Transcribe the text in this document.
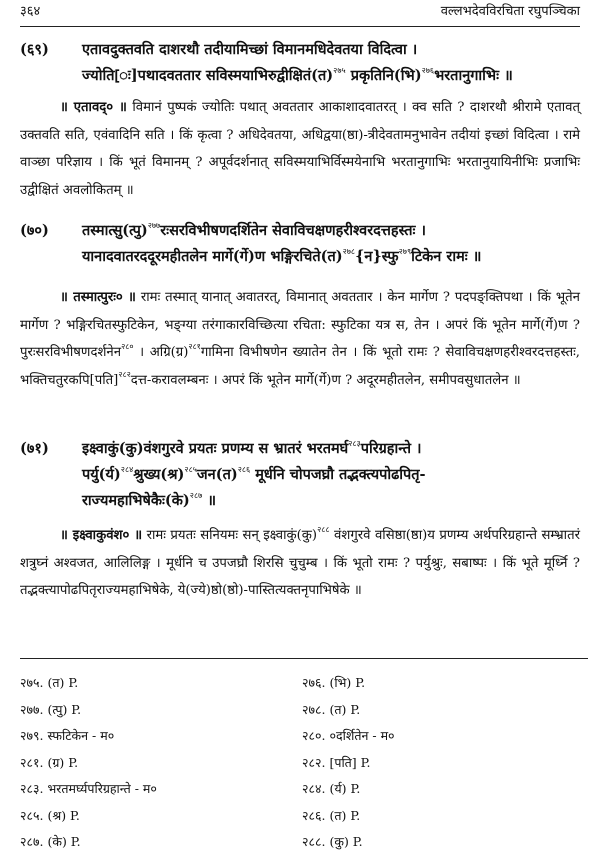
३६४	वल्लभदेवविरचिता रघुपञ्चिका
(६९) एतावदुक्तवति दाशरथौ तदीयामिच्छां विमानमधिदेवतया विदित्वा ।
ज्योति[ः]पथादवततार सविस्मयाभिरुद्वीक्षितं(त)$^{२७५}$ प्रकृतिनि(भि)$^{२७६}$भरतानुगाभिः ॥

॥ एतावद्० ॥ विमानं पुष्पकं ज्योतिः पथात् अवततार आकाशादवातरत् । क्व सति ? दाशरथौ श्रीरामे एतावत् उक्तवति सति, एवंवादिनि सति । किं कृत्वा ? अधिदेवतया, अधिद्वया(ष्ठा)-त्रीदेवतामनुभावेन तदीयां इच्छां विदित्वा । रामे वाञ्छा परिज्ञाय । किं भूतं विमानम् ? अपूर्वदर्शनात् सविस्मयाभिर्विस्मयेनाभि भरतानुगाभिः भरतानुयायिनीभिः प्रजाभिः उद्वीक्षितं अवलोकितम् ॥

(७०) तस्मात्सु(त्पु)$^{२७७}$रःसरविभीषणदर्शितेन सेवाविचक्षणहरीश्वरदत्तहस्तः ।
यानादवातरददूरमहीतलेन मार्गे(र्गे)ण भङ्गिरचिते(त)$^{२७८}${न}स्फु$^{२७९}$टिकेन रामः ॥

॥ तस्मात्पुरः० ॥ रामः तस्मात् यानात् अवातरत्, विमानात् अवततार । केन मार्गेण ? पदपङ्क्तिपथा । किं भूतेन मार्गेण ? भङ्गिरचितस्फुटिकेन, भङ्ग्या तरंगाकारविच्छित्या रचिता: स्फुटिका यत्र स, तेन । अपरं किं भूतेन मार्गे(र्गे)ण ? पुरःसरविभीषणदर्शनेन$^{२८०}$ । अग्रि(ग्र)$^{२८१}$गामिना विभीषणेन ख्यातेन तेन । किं भूतो रामः ? सेवाविचक्षणहरीश्वरदत्तहस्तः, भक्तिचतुरकपि[पति]$^{२८२}$दत्त-करावलम्बनः । अपरं किं भूतेन मार्गे(र्गे)ण ? अदूरमहीतलेन, समीपवसुधातलेन ॥

(७१) इक्ष्वाकुं(कु)वंशगुरवे प्रयतः प्रणम्य स भ्रातरं भरतमर्घ$^{२८३}$परिग्रहान्ते ।
पर्यु(र्य)$^{२८४}$श्रुख्य(श्र)$^{२८५}$जन(त)$^{२८६}$ मूर्धनि चोपजघ्रौ तद्भक्त्यपोढपितृ-
राज्यमहाभिषेकैः(के)$^{२८७}$ ॥

॥ इक्ष्वाकुवंश० ॥ रामः प्रयतः सनियमः सन् इक्ष्वाकुं(कु)$^{२८८}$ वंशगुरवे वसिष्ठा(ष्ठा)य प्रणम्य अर्थपरिग्रहान्ते सम्भ्रातरं शत्रुघ्नं अश्वजत, आलिलिङ्ग । मूर्धनि च उपजघ्रौ शिरसि चुचुम्ब । किं भूतो रामः ? पर्युश्रुः, सबाष्पः । किं भूते मूर्ध्नि ? तद्भक्त्यापोढपितृराज्यमहाभिषेके, ये(ज्ये)ष्ठो(ष्ठो)-पास्तित्यक्तनृपाभिषेके ॥

२७५. (त) P.	२७६. (भि) P.
२७७. (त्पु) P.	२७८. (त) P.
२७९. स्फटिकेन - म०	२८०. ०दर्शितेन - म०
२८१. (ग्र) P.	२८२. [पति] P.
२८३. भरतमर्घ्यपरिग्रहान्ते - म०	२८४. (र्य) P.
२८५. (श्र) P.	२८६. (त) P.
२८७. (के) P.	२८८. (कु) P.
